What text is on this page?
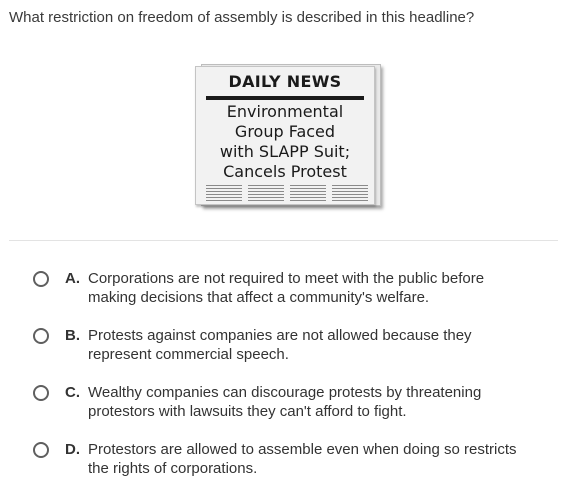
What restriction on freedom of assembly is described in this headline?
DAILY NEWS
Environmental
Group Faced
with SLAPP Suit;
Cancels Protest
A. Corporations are not required to meet with the public before making decisions that affect a community's welfare.
B. Protests against companies are not allowed because they represent commercial speech.
C. Wealthy companies can discourage protests by threatening protestors with lawsuits they can't afford to fight.
D. Protestors are allowed to assemble even when doing so restricts the rights of corporations.
